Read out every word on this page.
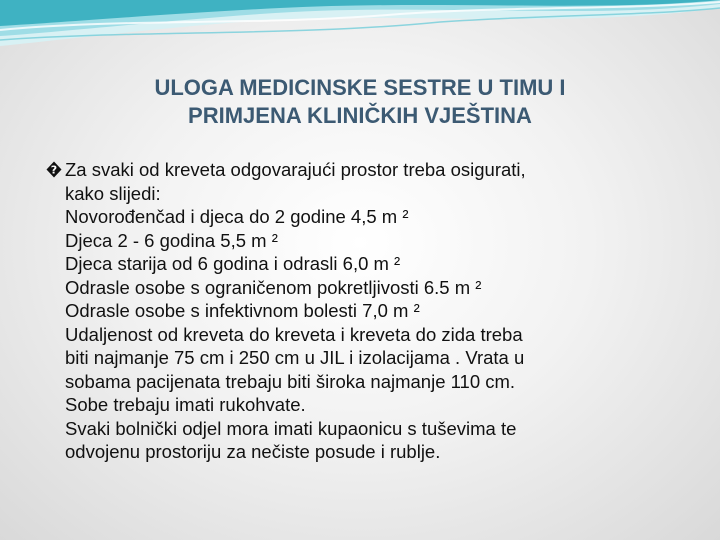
ULOGA MEDICINSKE SESTRE U TIMU I
PRIMJENA KLINIČKIH VJEŠTINA
? Za svaki od kreveta odgovarajući prostor treba osigurati,
kako slijedi:
Novorođenčad i djeca do 2 godine 4,5 m ²
Djeca 2 - 6 godina 5,5 m ²
Djeca starija od 6 godina i odrasli 6,0 m ²
Odrasle osobe s ograničenom pokretljivosti 6.5 m ²
Odrasle osobe s infektivnom bolesti 7,0 m ²
Udaljenost od kreveta do kreveta i kreveta do zida treba
biti najmanje 75 cm i 250 cm u JIL i izolacijama . Vrata u
sobama pacijenata trebaju biti široka najmanje 110 cm.
Sobe trebaju imati rukohvate.
Svaki bolnički odjel mora imati kupaonicu s tuševima te
odvojenu prostoriju za nečiste posude i rublje.
